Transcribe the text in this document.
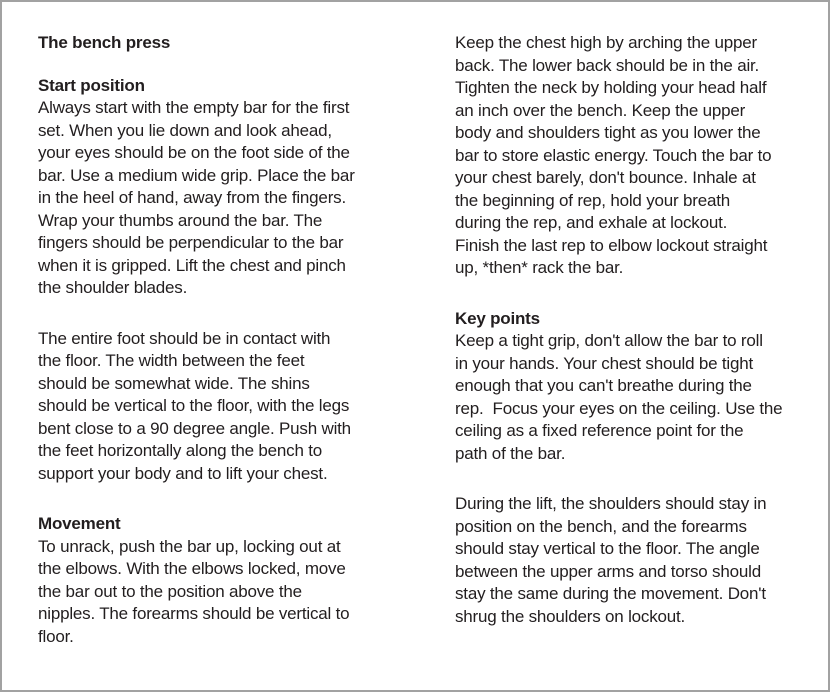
The bench press
Start position

Always start with the empty bar for the first
set. When you lie down and look ahead,
your eyes should be on the foot side of the
bar. Use a medium wide grip. Place the bar
in the heel of hand, away from the fingers.
Wrap your thumbs around the bar. The
fingers should be perpendicular to the bar
when it is gripped. Lift the chest and pinch
the shoulder blades.

The entire foot should be in contact with
the floor. The width between the feet
should be somewhat wide. The shins
should be vertical to the floor, with the legs
bent close to a 90 degree angle. Push with
the feet horizontally along the bench to
support your body and to lift your chest.

Movement

To unrack, push the bar up, locking out at
the elbows. With the elbows locked, move
the bar out to the position above the
nipples. The forearms should be vertical to
floor.

Keep the chest high by arching the upper
back. The lower back should be in the air.
Tighten the neck by holding your head half
an inch over the bench. Keep the upper
body and shoulders tight as you lower the
bar to store elastic energy. Touch the bar to
your chest barely, don't bounce. Inhale at
the beginning of rep, hold your breath
during the rep, and exhale at lockout.
Finish the last rep to elbow lockout straight
up, *then* rack the bar.

Key points

Keep a tight grip, don't allow the bar to roll
in your hands. Your chest should be tight
enough that you can't breathe during the
rep.  Focus your eyes on the ceiling. Use the
ceiling as a fixed reference point for the
path of the bar.

During the lift, the shoulders should stay in
position on the bench, and the forearms
should stay vertical to the floor. The angle
between the upper arms and torso should
stay the same during the movement. Don't
shrug the shoulders on lockout.
